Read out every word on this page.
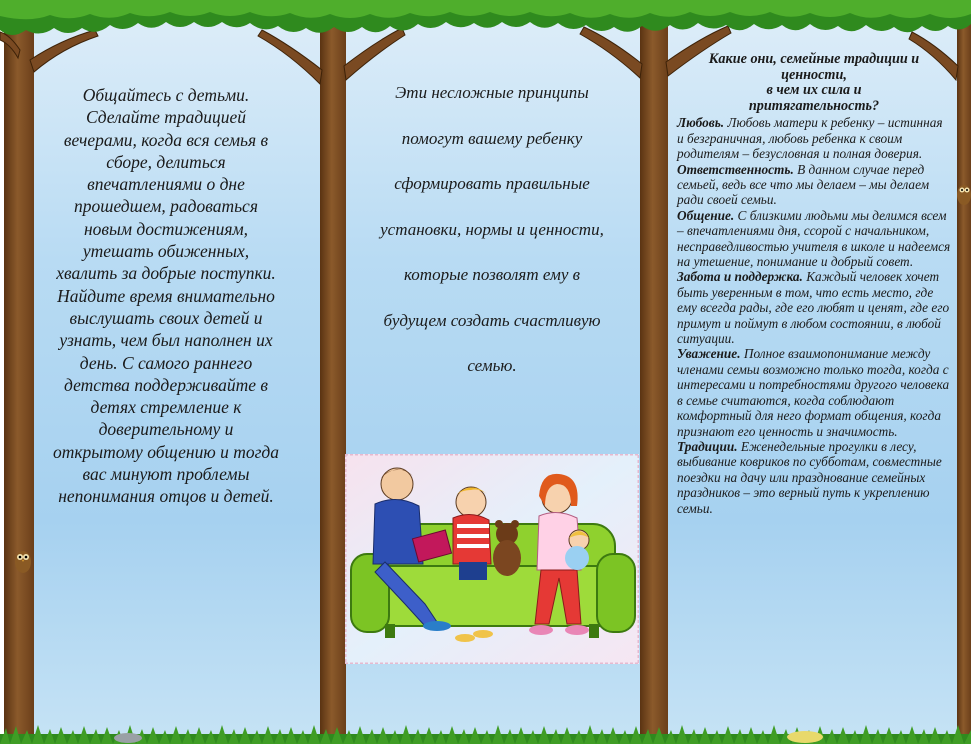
Общайтесь с детьми. Сделайте традицией вечерами, когда вся семья в сборе, делиться впечатлениями о дне прошедшем, радоваться новым достижениям, утешать обиженных, хвалить за добрые поступки. Найдите время внимательно выслушать своих детей и узнать, чем был наполнен их день. С самого раннего детства поддерживайте в детях стремление к доверительному и открытому общению и тогда вас минуют проблемы непонимания отцов и детей.

Эти несложные принципы

помогут вашему ребенку

сформировать правильные

установки, нормы и ценности,

которые позволят ему в

будущем создать счастливую

семью.

Какие они, семейные традиции и
ценности,
в чем их сила и
притягательность?

Любовь. Любовь матери к ребенку – истинная и безграничная, любовь ребенка к своим родителям – безусловная и полная доверия.

Ответственность. В данном случае перед семьей, ведь все что мы делаем – мы делаем ради своей семьи.

Общение. С близкими людьми мы делимся всем – впечатлениями дня, ссорой с начальником, несправедливостью учителя в школе и надеемся на утешение, понимание и добрый совет.

Забота и поддержка. Каждый человек хочет быть уверенным в том, что есть место, где ему всегда рады, где его любят и ценят, где его примут и поймут в любом состоянии, в любой ситуации.

Уважение. Полное взаимопонимание между членами семьи возможно только тогда, когда с интересами и потребностями другого человека в семье считаются, когда соблюдают комфортный для него формат общения, когда признают его ценность и значимость.

Традиции. Еженедельные прогулки в лесу, выбивание ковриков по субботам, совместные поездки на дачу или празднование семейных праздников – это верный путь к укреплению семьи.
